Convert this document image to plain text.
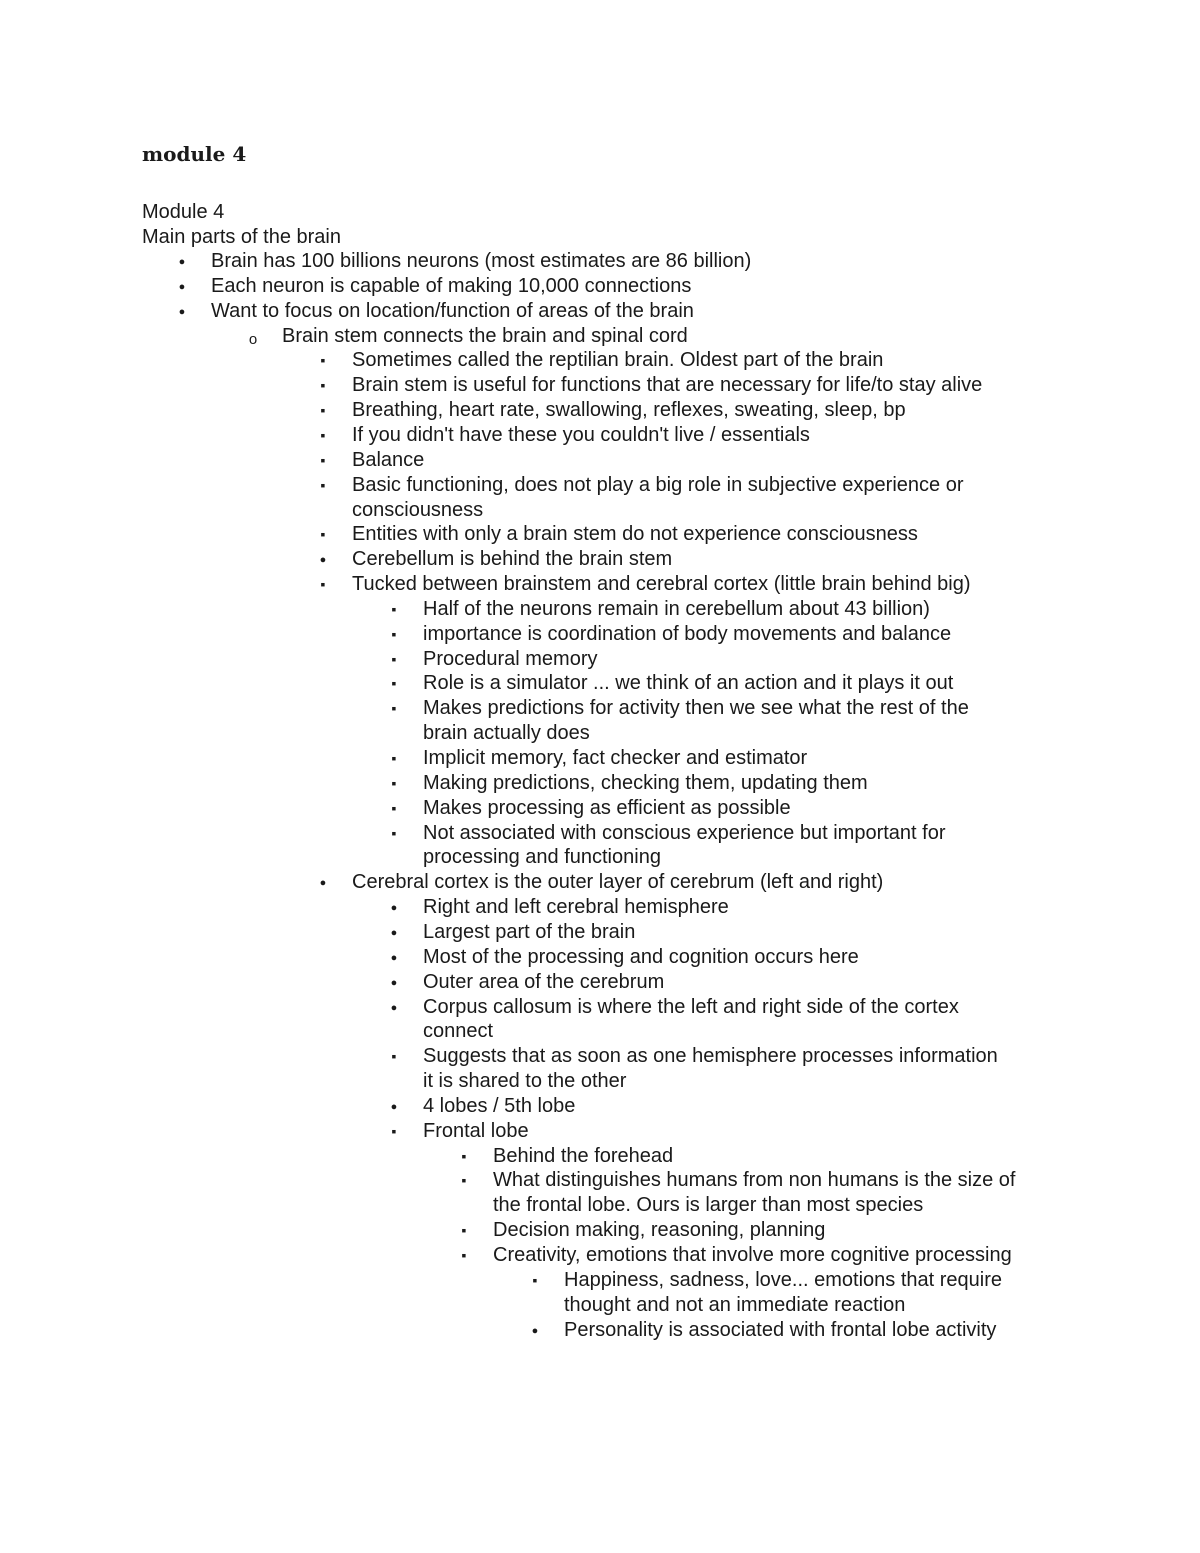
module 4
Module 4
Main parts of the brain
●
Brain has 100 billions neurons (most estimates are 86 billion)
●
Each neuron is capable of making 10,000 connections
●
Want to focus on location/function of areas of the brain
o
Brain stem connects the brain and spinal cord
▪
Sometimes called the reptilian brain. Oldest part of the brain
▪
Brain stem is useful for functions that are necessary for life/to stay alive
▪
Breathing, heart rate, swallowing, reflexes, sweating, sleep, bp
▪
If you didn't have these you couldn't live / essentials
▪
Balance
▪
Basic functioning, does not play a big role in subjective experience or
consciousness
▪
Entities with only a brain stem do not experience consciousness
●
Cerebellum is behind the brain stem
▪
Tucked between brainstem and cerebral cortex (little brain behind big)
▪
Half of the neurons remain in cerebellum about 43 billion)
▪
importance is coordination of body movements and balance
▪
Procedural memory
▪
Role is a simulator ... we think of an action and it plays it out
▪
Makes predictions for activity then we see what the rest of the
brain actually does
▪
Implicit memory, fact checker and estimator
▪
Making predictions, checking them, updating them
▪
Makes processing as efficient as possible
▪
Not associated with conscious experience but important for
processing and functioning
●
Cerebral cortex is the outer layer of cerebrum (left and right)
●
Right and left cerebral hemisphere
●
Largest part of the brain
●
Most of the processing and cognition occurs here
●
Outer area of the cerebrum
●
Corpus callosum is where the left and right side of the cortex
connect
▪
Suggests that as soon as one hemisphere processes information
it is shared to the other
●
4 lobes / 5th lobe
▪
Frontal lobe
▪
Behind the forehead
▪
What distinguishes humans from non humans is the size of
the frontal lobe. Ours is larger than most species
▪
Decision making, reasoning, planning
▪
Creativity, emotions that involve more cognitive processing
▪
Happiness, sadness, love... emotions that require
thought and not an immediate reaction
●
Personality is associated with frontal lobe activity
